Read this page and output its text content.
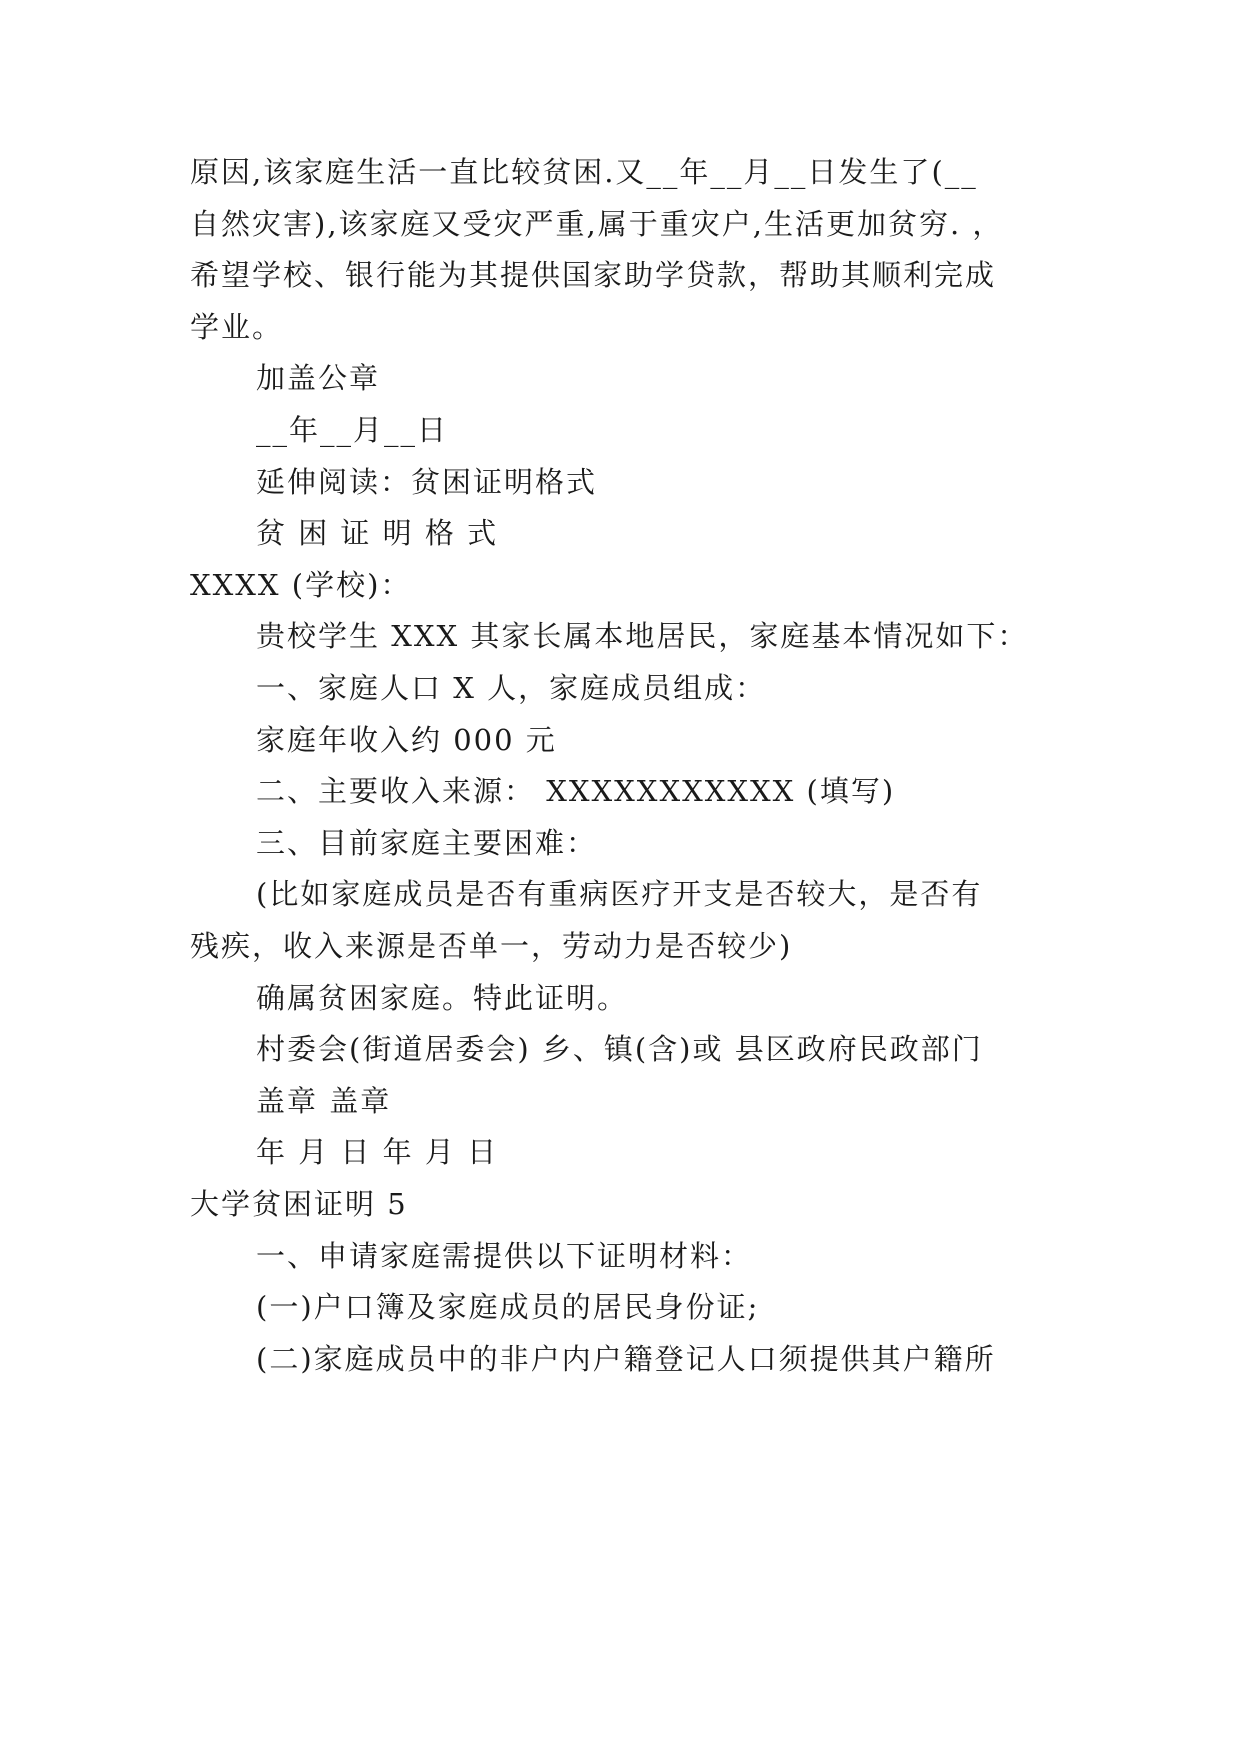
原因,该家庭生活一直比较贫困.又__年__月__日发生了(__
自然灾害),该家庭又受灾严重,属于重灾户,生活更加贫穷. ，
希望学校、银行能为其提供国家助学贷款，帮助其顺利完成
学业。
加盖公章
__年__月__日
延伸阅读：贫困证明格式
贫 困 证 明 格 式
XXXX (学校)：
贵校学生 XXX 其家长属本地居民，家庭基本情况如下：
一、家庭人口 X 人，家庭成员组成：
家庭年收入约 000 元
二、主要收入来源： XXXXXXXXXXX (填写)
三、目前家庭主要困难：
(比如家庭成员是否有重病医疗开支是否较大，是否有
残疾，收入来源是否单一，劳动力是否较少)
确属贫困家庭。特此证明。
村委会(街道居委会) 乡、镇(含)或 县区政府民政部门
盖章 盖章
年 月 日 年 月 日
大学贫困证明 5
一、申请家庭需提供以下证明材料：
(一)户口簿及家庭成员的居民身份证;
(二)家庭成员中的非户内户籍登记人口须提供其户籍所
